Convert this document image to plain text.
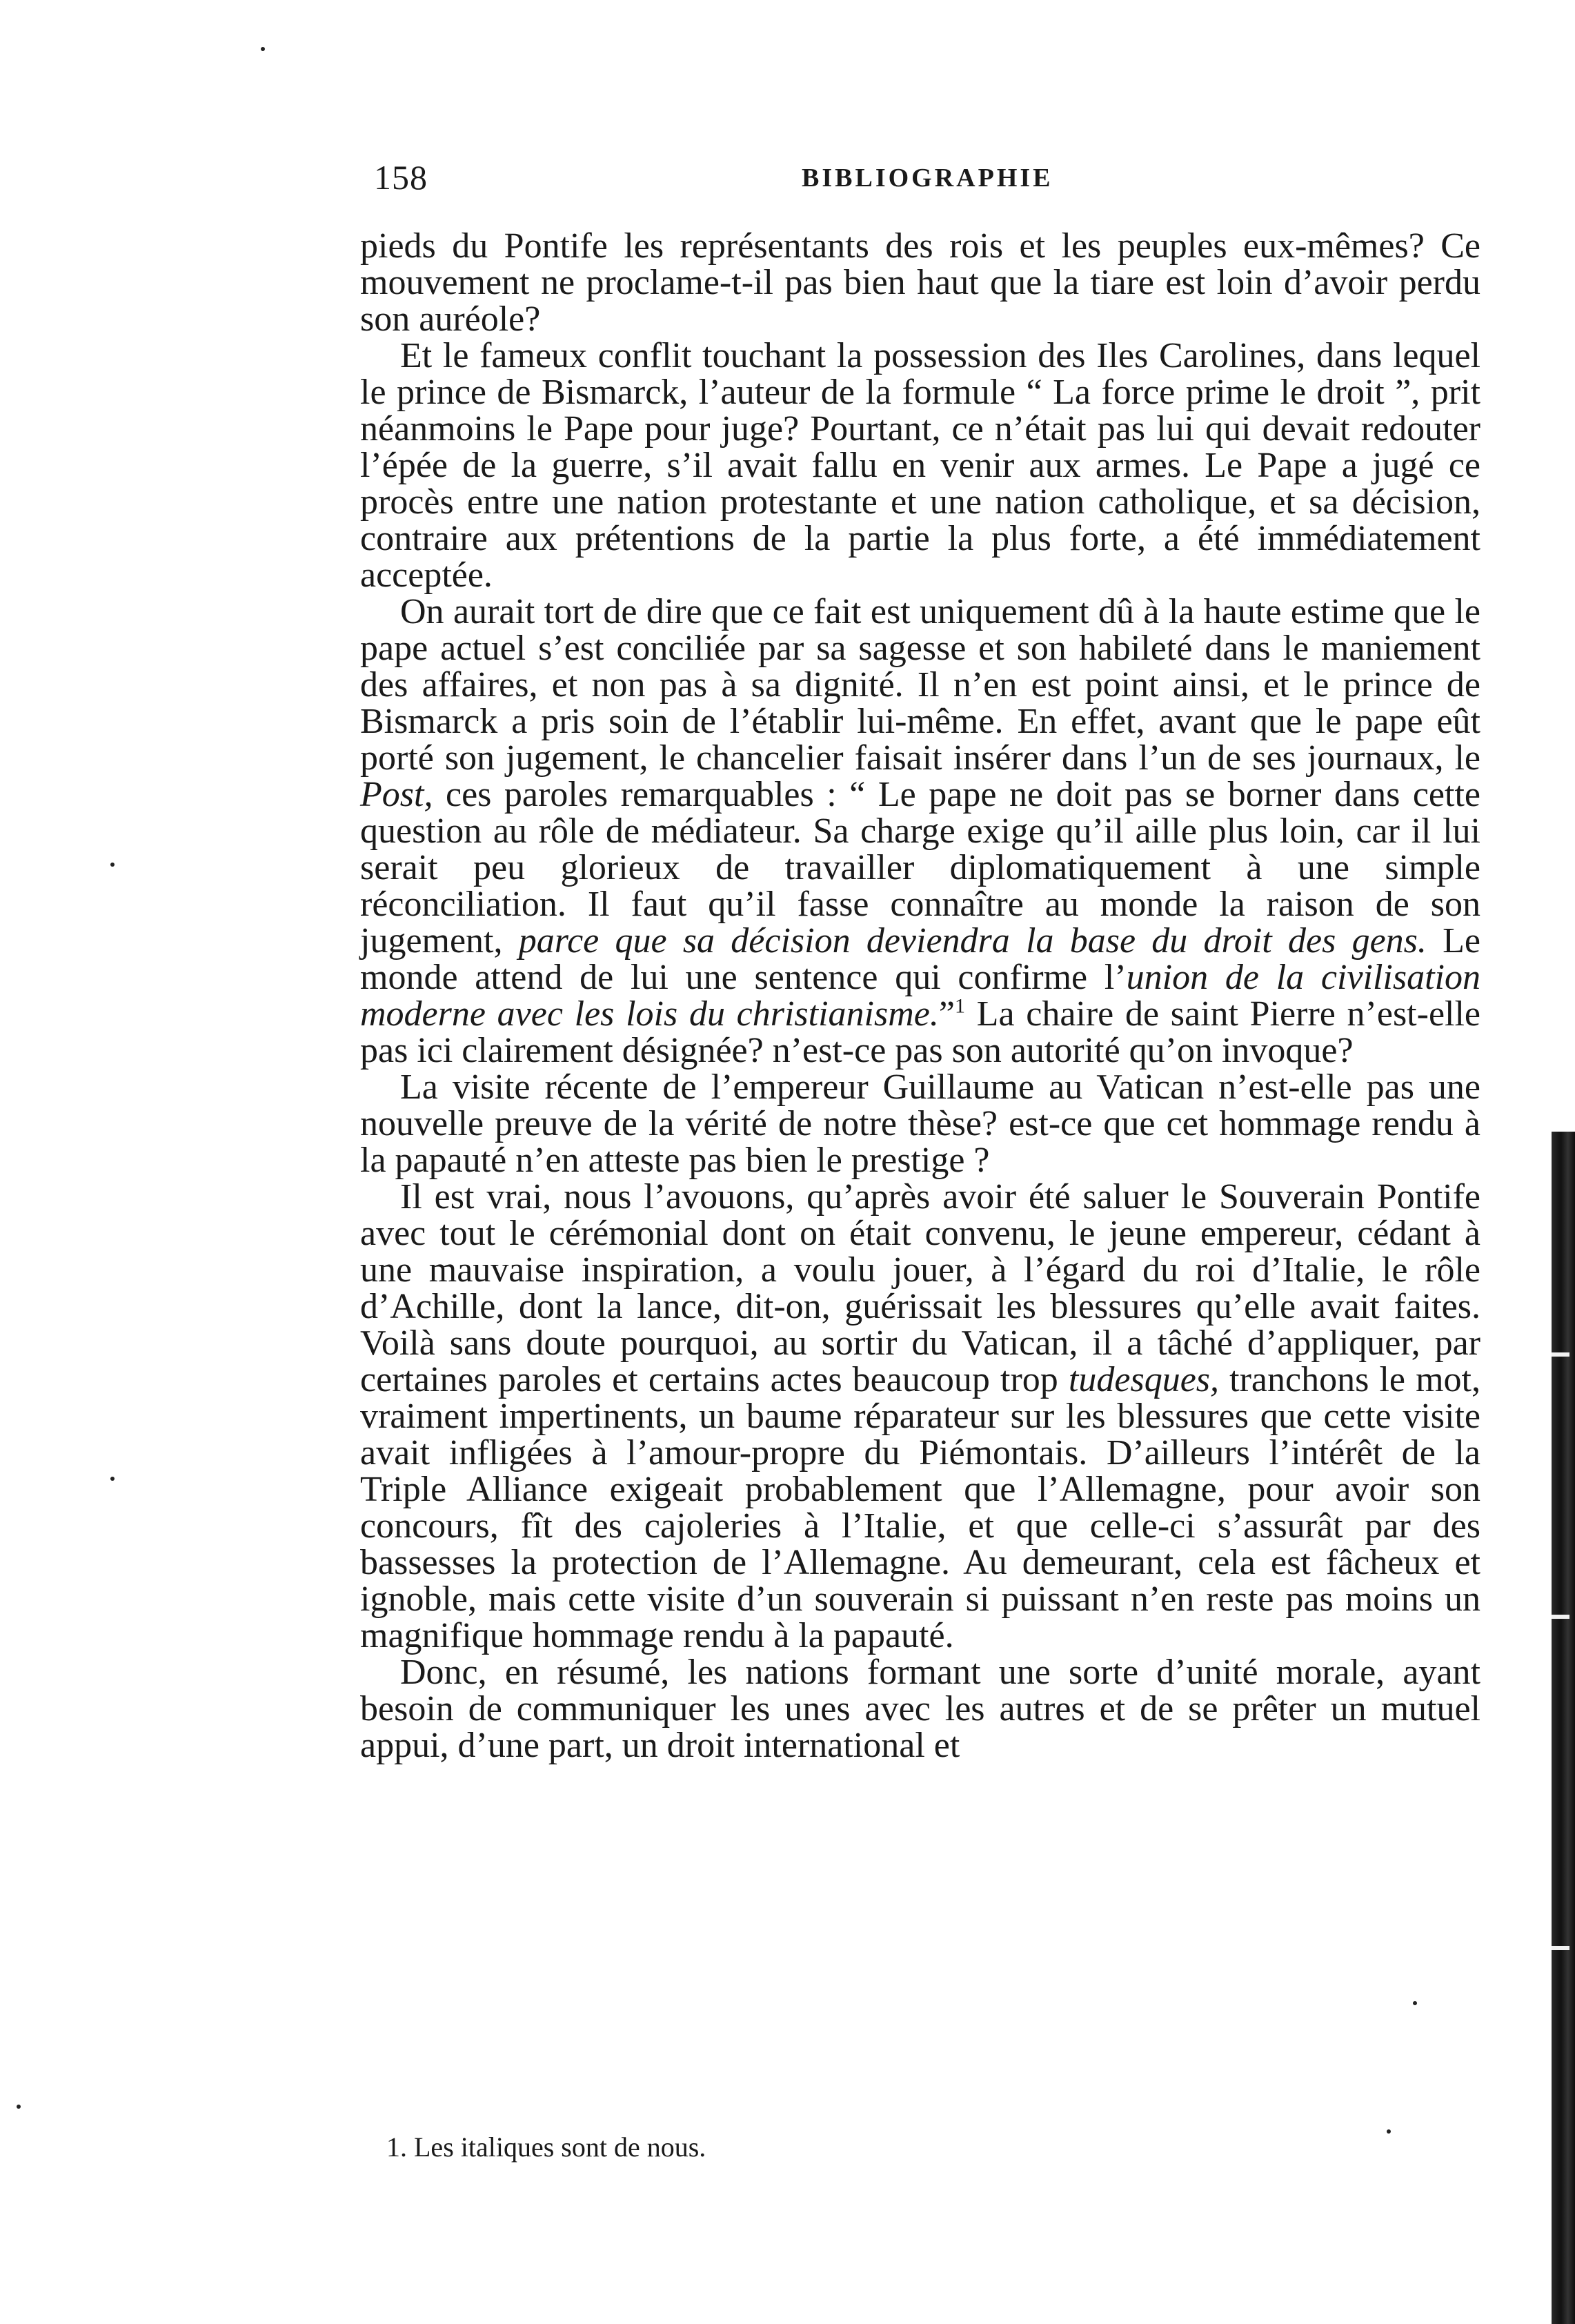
158	BIBLIOGRAPHIE

pieds du Pontife les représentants des rois et les peuples eux-mêmes? Ce mouvement ne proclame-t-il pas bien haut que la tiare est loin d’avoir perdu son auréole?

Et le fameux conflit touchant la possession des Iles Carolines, dans lequel le prince de Bismarck, l’auteur de la formule “ La force prime le droit ”, prit néanmoins le Pape pour juge? Pourtant, ce n’était pas lui qui devait redouter l’épée de la guerre, s’il avait fallu en venir aux armes. Le Pape a jugé ce procès entre une nation protestante et une nation catholique, et sa décision, contraire aux prétentions de la partie la plus forte, a été immédiatement acceptée.

On aurait tort de dire que ce fait est uniquement dû à la haute estime que le pape actuel s’est conciliée par sa sagesse et son habileté dans le maniement des affaires, et non pas à sa dignité. Il n’en est point ainsi, et le prince de Bismarck a pris soin de l’établir lui-même. En effet, avant que le pape eût porté son jugement, le chancelier faisait insérer dans l’un de ses journaux, le Post, ces paroles remarquables : “ Le pape ne doit pas se borner dans cette question au rôle de médiateur. Sa charge exige qu’il aille plus loin, car il lui serait peu glorieux de travailler diplomatiquement à une simple réconciliation. Il faut qu’il fasse connaître au monde la raison de son jugement, parce que sa décision deviendra la base du droit des gens. Le monde attend de lui une sentence qui confirme l’union de la civilisation moderne avec les lois du christianisme.”$^1$ La chaire de saint Pierre n’est-elle pas ici clairement désignée? n’est-ce pas son autorité qu’on invoque?

La visite récente de l’empereur Guillaume au Vatican n’est-elle pas une nouvelle preuve de la vérité de notre thèse? est-ce que cet hommage rendu à la papauté n’en atteste pas bien le prestige ?

Il est vrai, nous l’avouons, qu’après avoir été saluer le Souverain Pontife avec tout le cérémonial dont on était convenu, le jeune empereur, cédant à une mauvaise inspiration, a voulu jouer, à l’égard du roi d’Italie, le rôle d’Achille, dont la lance, dit-on, guérissait les blessures qu’elle avait faites. Voilà sans doute pourquoi, au sortir du Vatican, il a tâché d’appliquer, par certaines paroles et certains actes beaucoup trop tudesques, tranchons le mot, vraiment impertinents, un baume réparateur sur les blessures que cette visite avait infligées à l’amour-propre du Piémontais. D’ailleurs l’intérêt de la Triple Alliance exigeait probablement que l’Allemagne, pour avoir son concours, fît des cajoleries à l’Italie, et que celle-ci s’assurât par des bassesses la protection de l’Allemagne. Au demeurant, cela est fâcheux et ignoble, mais cette visite d’un souverain si puissant n’en reste pas moins un magnifique hommage rendu à la papauté.

Donc, en résumé, les nations formant une sorte d’unité morale, ayant besoin de communiquer les unes avec les autres et de se prêter un mutuel appui, d’une part, un droit international et

1. Les italiques sont de nous.
